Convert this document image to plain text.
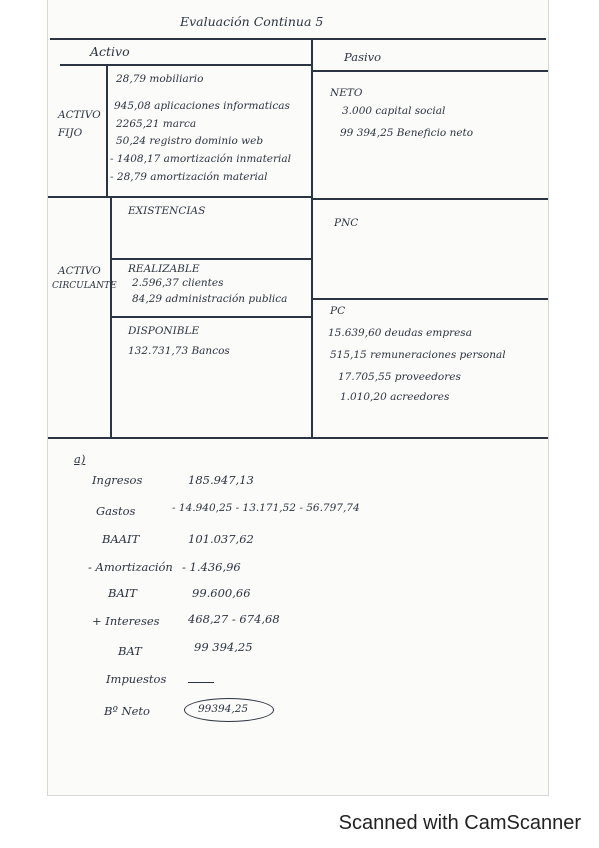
Evaluación Continua 5
Activo	Pasivo
ACTIVO
FIJO
28,79 mobiliario
945,08 aplicaciones informaticas
2265,21 marca
50,24 registro dominio web
- 1408,17 amortización inmaterial
- 28,79 amortización material
NETO
3.000 capital social
99 394,25 Beneficio neto
ACTIVO
CIRCULANTE
EXISTENCIAS
REALIZABLE
2.596,37 clientes
84,29 administración publica
DISPONIBLE
132.731,73 Bancos
PNC
PC
15.639,60 deudas empresa
515,15 remuneraciones personal
17.705,55 proveedores
1.010,20 acreedores
a)
Ingresos	185.947,13
Gastos	- 14.940,25 - 13.171,52 - 56.797,74
BAAIT	101.037,62
- Amortización - 1.436,96
BAIT	99.600,66
+ Intereses 468,27 - 674,68
BAT	99 394,25
Impuestos
Bº Neto	99394,25
Scanned with CamScanner
